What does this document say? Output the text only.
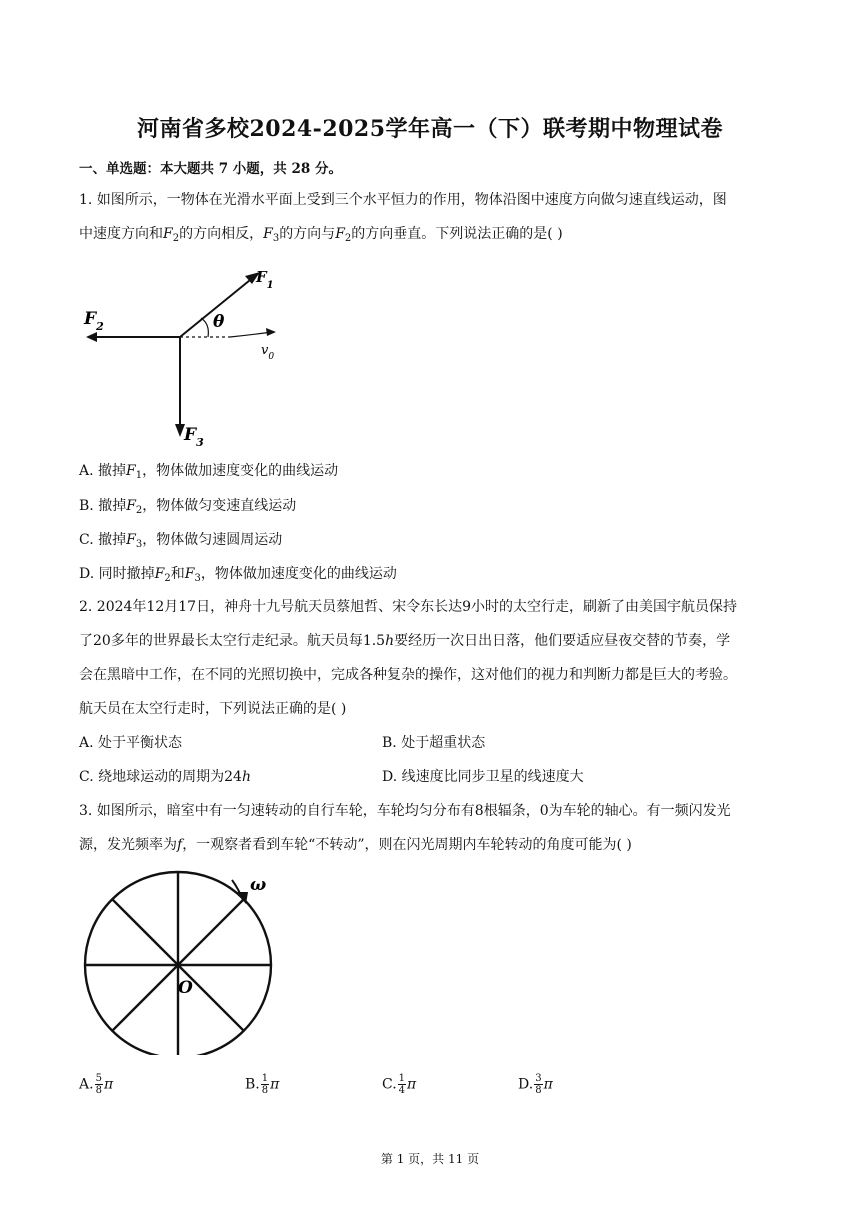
河南省多校2024-2025学年高一（下）联考期中物理试卷
一、单选题：本大题共 7 小题，共 28 分。
1. 如图所示，一物体在光滑水平面上受到三个水平恒力的作用，物体沿图中速度方向做匀速直线运动，图
中速度方向和$F_2$的方向相反，$F_3$的方向与$F_2$的方向垂直。下列说法正确的是( )
θ
$F_1$
$F_2$
$F_3$
$v_0$
A. 撤掉$F_1$，物体做加速度变化的曲线运动
B. 撤掉$F_2$，物体做匀变速直线运动
C. 撤掉$F_3$，物体做匀速圆周运动
D. 同时撤掉$F_2$和$F_3$，物体做加速度变化的曲线运动
2. 2024年12月17日，神舟十九号航天员蔡旭哲、宋令东长达9小时的太空行走，刷新了由美国宇航员保持
了20多年的世界最长太空行走纪录。航天员每1.5h要经历一次日出日落，他们要适应昼夜交替的节奏，学
会在黑暗中工作，在不同的光照切换中，完成各种复杂的操作，这对他们的视力和判断力都是巨大的考验。
航天员在太空行走时，下列说法正确的是( )
A. 处于平衡状态	B. 处于超重状态
C. 绕地球运动的周期为24h	D. 线速度比同步卫星的线速度大
3. 如图所示，暗室中有一匀速转动的自行车轮，车轮均匀分布有8根辐条，0为车轮的轴心。有一频闪发光
源，发光频率为f，一观察者看到车轮“不转动”，则在闪光周期内车轮转动的角度可能为( )
ω
O
A. $\frac{5}{8}$ π	B. $\frac{1}{8}$ π	C. $\frac{1}{4}$ π	D. $\frac{3}{8}$ π
第 1 页，共 11 页
